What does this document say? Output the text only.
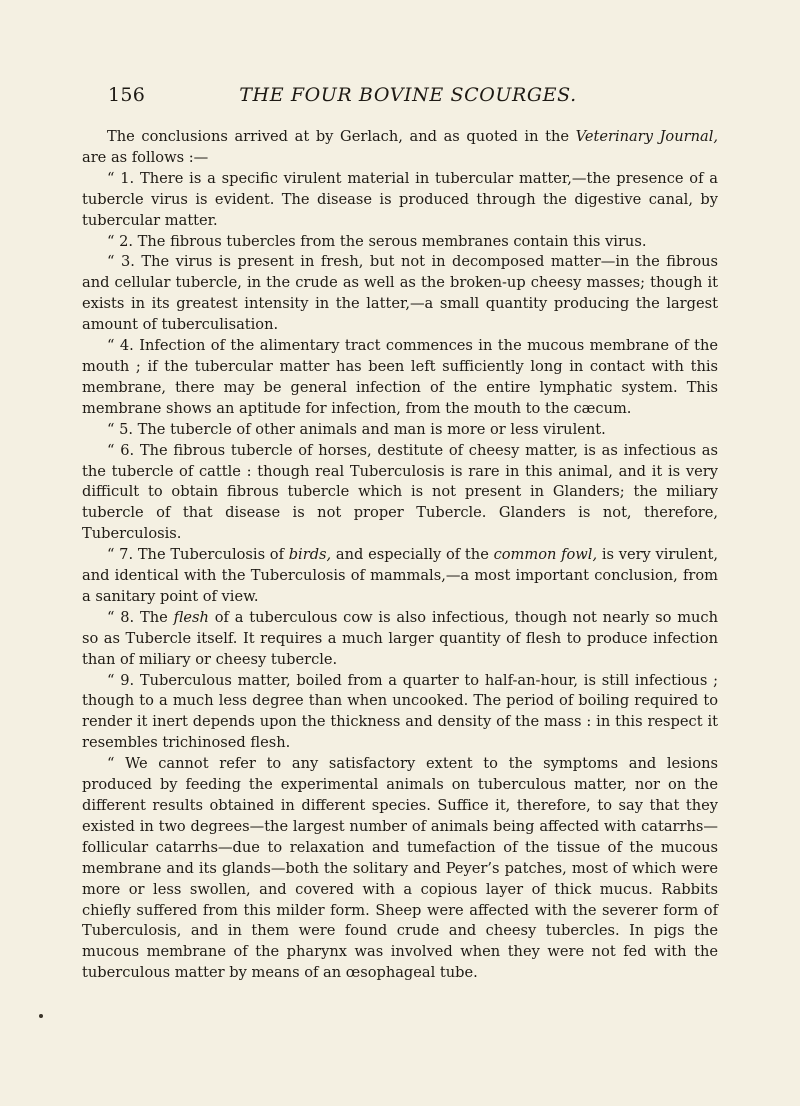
156	THE FOUR BOVINE SCOURGES.

The conclusions arrived at by Gerlach, and as quoted in the Veterinary Journal, are as follows :—

“ 1. There is a specific virulent material in tubercular matter,—the presence of a tubercle virus is evident. The disease is produced through the digestive canal, by tubercular matter.

“ 2. The fibrous tubercles from the serous membranes contain this virus.

“ 3. The virus is present in fresh, but not in decomposed matter—in the fibrous and cellular tubercle, in the crude as well as the broken-up cheesy masses; though it exists in its greatest intensity in the latter,—a small quantity producing the largest amount of tuberculisation.

“ 4. Infection of the alimentary tract commences in the mucous membrane of the mouth ; if the tubercular matter has been left sufficiently long in contact with this membrane, there may be general infection of the entire lymphatic system. This membrane shows an aptitude for infection, from the mouth to the cæcum.

“ 5. The tubercle of other animals and man is more or less virulent.

“ 6. The fibrous tubercle of horses, destitute of cheesy matter, is as infectious as the tubercle of cattle : though real Tuberculosis is rare in this animal, and it is very difficult to obtain fibrous tubercle which is not present in Glanders; the miliary tubercle of that disease is not proper Tubercle. Glanders is not, therefore, Tuberculosis.

“ 7. The Tuberculosis of birds, and especially of the common fowl, is very virulent, and identical with the Tuberculosis of mammals,—a most important conclusion, from a sanitary point of view.

“ 8. The flesh of a tuberculous cow is also infectious, though not nearly so much so as Tubercle itself. It requires a much larger quantity of flesh to produce infection than of miliary or cheesy tubercle.

“ 9. Tuberculous matter, boiled from a quarter to half-an-hour, is still infectious ; though to a much less degree than when uncooked. The period of boiling required to render it inert depends upon the thickness and density of the mass : in this respect it resembles trichinosed flesh.

“ We cannot refer to any satisfactory extent to the symptoms and lesions produced by feeding the experimental animals on tuberculous matter, nor on the different results obtained in different species. Suffice it, therefore, to say that they existed in two degrees—the largest number of animals being affected with catarrhs—follicular catarrhs—due to relaxation and tumefaction of the tissue of the mucous membrane and its glands—both the solitary and Peyer’s patches, most of which were more or less swollen, and covered with a copious layer of thick mucus. Rabbits chiefly suffered from this milder form. Sheep were affected with the severer form of Tuberculosis, and in them were found crude and cheesy tubercles. In pigs the mucous membrane of the pharynx was involved when they were not fed with the tuberculous matter by means of an œsophageal tube.
